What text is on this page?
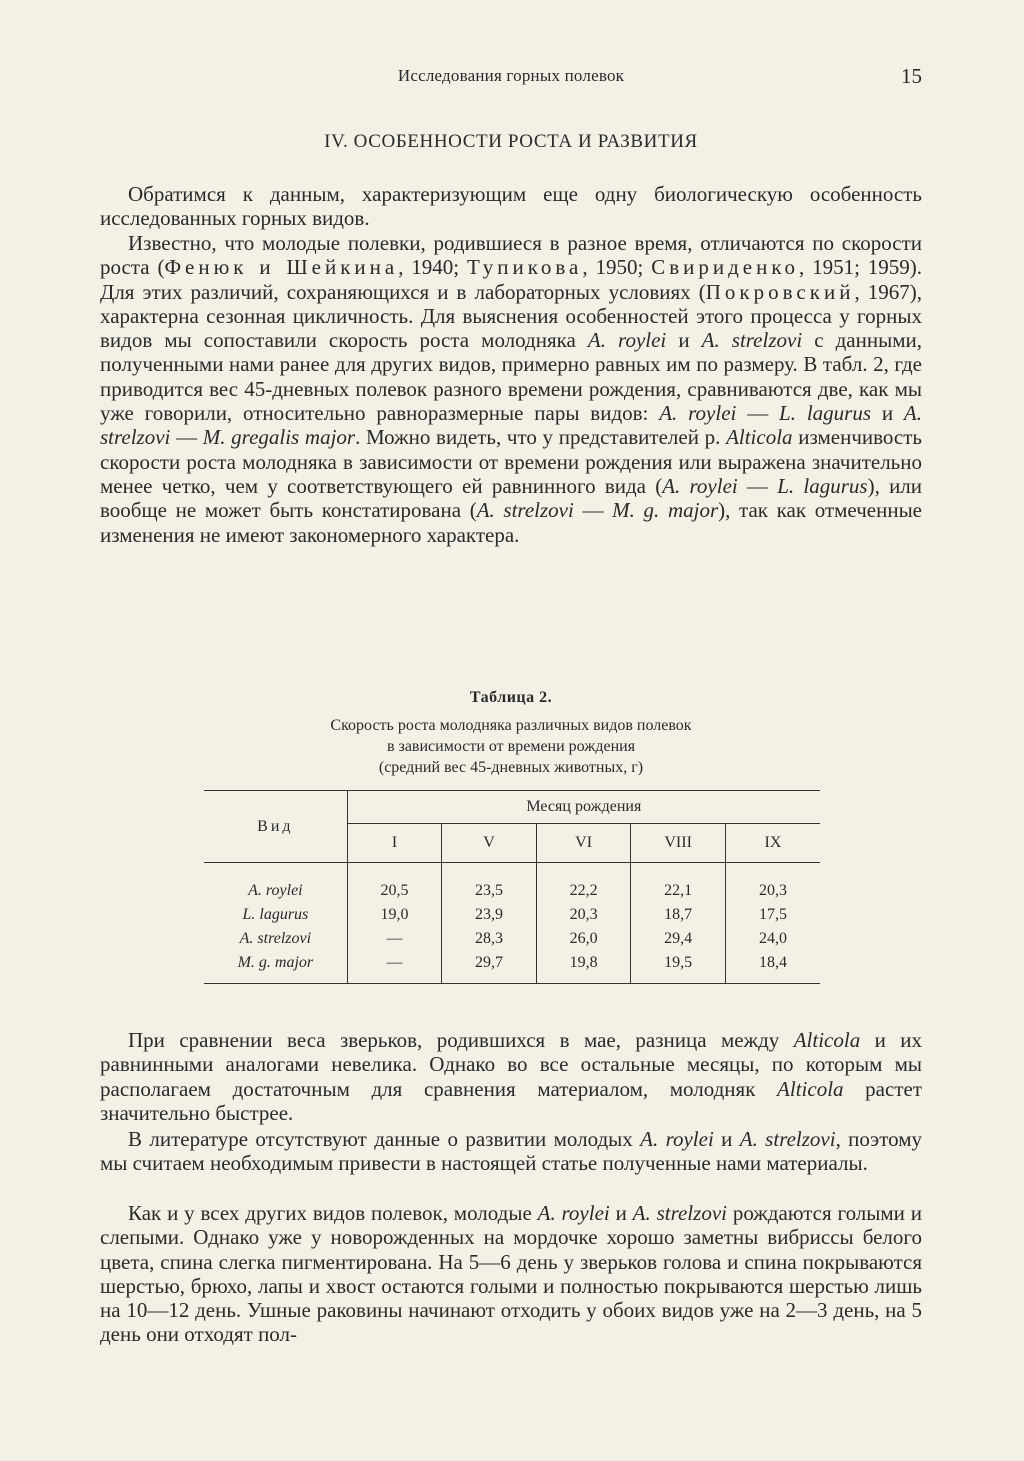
Исследования горных полевок	15
IV. ОСОБЕННОСТИ РОСТА И РАЗВИТИЯ

Обратимся к данным, характеризующим еще одну биологическую особенность исследованных горных видов.

Известно, что молодые полевки, родившиеся в разное время, отличаются по скорости роста (Фенюк и Шейкина, 1940; Тупикова, 1950; Свириденко, 1951; 1959). Для этих различий, сохраняющихся и в лабораторных условиях (Покровский, 1967), характерна сезонная цикличность. Для выяснения особенностей этого процесса у горных видов мы сопоставили скорость роста молодняка A. roylei и A. strelzovi с данными, полученными нами ранее для других видов, примерно равных им по размеру. В табл. 2, где приводится вес 45-дневных полевок разного времени рождения, сравниваются две, как мы уже говорили, относительно равноразмерные пары видов: A. roylei — L. lagurus и A. strelzovi — M. gregalis major. Можно видеть, что у представителей р. Alticola изменчивость скорости роста молодняка в зависимости от времени рождения или выражена значительно менее четко, чем у соответствующего ей равнинного вида (A. roylei — L. lagurus), или вообще не может быть констатирована (A. strelzovi — M. g. major), так как отмеченные изменения не имеют закономерного характера.

Таблица 2.
Скорость роста молодняка различных видов полевок
в зависимости от времени рождения
(средний вес 45-дневных животных, г)
Вид	Месяц рождения				
	I	V	VI	VIII	IX
A. roylei	20,5	23,5	22,2	22,1	20,3
L. lagurus	19,0	23,9	20,3	18,7	17,5
A. strelzovi	—	28,3	26,0	29,4	24,0
M. g. major	—	29,7	19,8	19,5	18,4

При сравнении веса зверьков, родившихся в мае, разница между Alticola и их равнинными аналогами невелика. Однако во все остальные месяцы, по которым мы располагаем достаточным для сравнения материалом, молодняк Alticola растет значительно быстрее.

В литературе отсутствуют данные о развитии молодых A. roylei и A. strelzovi, поэтому мы считаем необходимым привести в настоящей статье полученные нами материалы.

Как и у всех других видов полевок, молодые A. roylei и A. strelzovi рождаются голыми и слепыми. Однако уже у новорожденных на мордочке хорошо заметны вибриссы белого цвета, спина слегка пигментирована. На 5—6 день у зверьков голова и спина покрываются шерстью, брюхо, лапы и хвост остаются голыми и полностью покрываются шерстью лишь на 10—12 день. Ушные раковины начинают отходить у обоих видов уже на 2—3 день, на 5 день они отходят пол-
